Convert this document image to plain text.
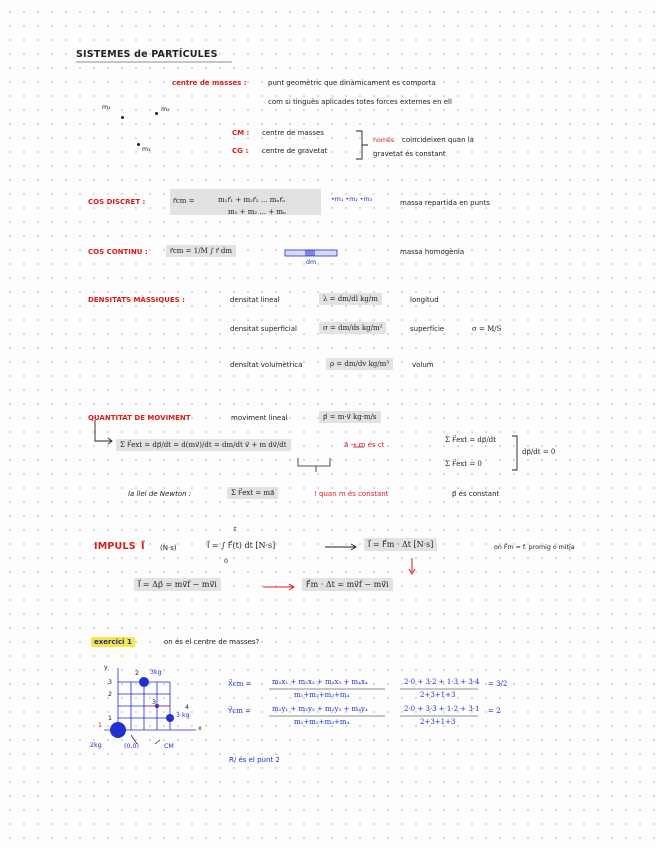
SISTEMES de PARTÍCULES
centre de masses :	punt geomètric que dinàmicament es comporta
com si tinguès aplicades totes forces externes en ell
m₁	m₂
m₃
CM : centre de masses
CG : centre de gravetat
només coincideixen quan la
gravetat és constant
COS DISCRET :	r⃗cm =	m₁r⃗₁ + m₂r⃗₂ ... mₙr⃗ₙ
m₁ + m₂ ... + mₙ
•m₁ •m₂ •m₃	massa repartida en punts
COS CONTINU :	r⃗cm = 1/M ∫ r⃗ dm
dm
massa homogènia
DENSITATS MÀSSIQUES :	densitat lineal	λ = dm/dl kg/m	longitud
densitat superficial	σ = dm/ds kg/m²	superfície	σ = M/S
densitat volumètrica	ρ = dm/dv kg/m³	volum
QUANTITAT DE MOVIMENT	moviment lineal	p⃗ = m·v⃗ kg·m/s
Σ F⃗ext = dp⃗/dt = d(mv⃗)/dt = dm/dt v⃗ + m dv⃗/dt	a⃗ → m és ct
Σ F⃗ext = dp⃗/dt
Σ F⃗ext = 0
dp⃗/dt = 0
la llei de Newton :	Σ F⃗ext = ma⃗	! quan m és constant	p⃗ és constant
IMPULS I⃗ (N·s)
t
I⃗ = ∫ F⃗(t) dt [N·s]
0
I⃗ = F⃗m · Δt [N·s]	on F⃗m = f. promig o mitja
I⃗ = Δp⃗ = mv⃗f − mv⃗i	F⃗m · Δt = mv⃗f − mv⃗i
exercici 1	on és el centre de masses?
y
2 3kg
3
2
3
4
3 kg
1
1	x
2kg	(0,0)	CM
X⃗cm =	m₁x₁ + m₂x₂ + m₃x₃ + m₄x₄
m₁+m₂+m₃+m₄
2·0 + 3·2 + 1·3 + 3·4
2+3+1+3
= 3/2
Y⃗cm =	m₁y₁ + m₂y₂ + m₃y₃ + m₄y₄
m₁+m₂+m₃+m₄
2·0 + 3·3 + 1·2 + 3·1
2+3+1+3
= 2
R/ és el punt 2
